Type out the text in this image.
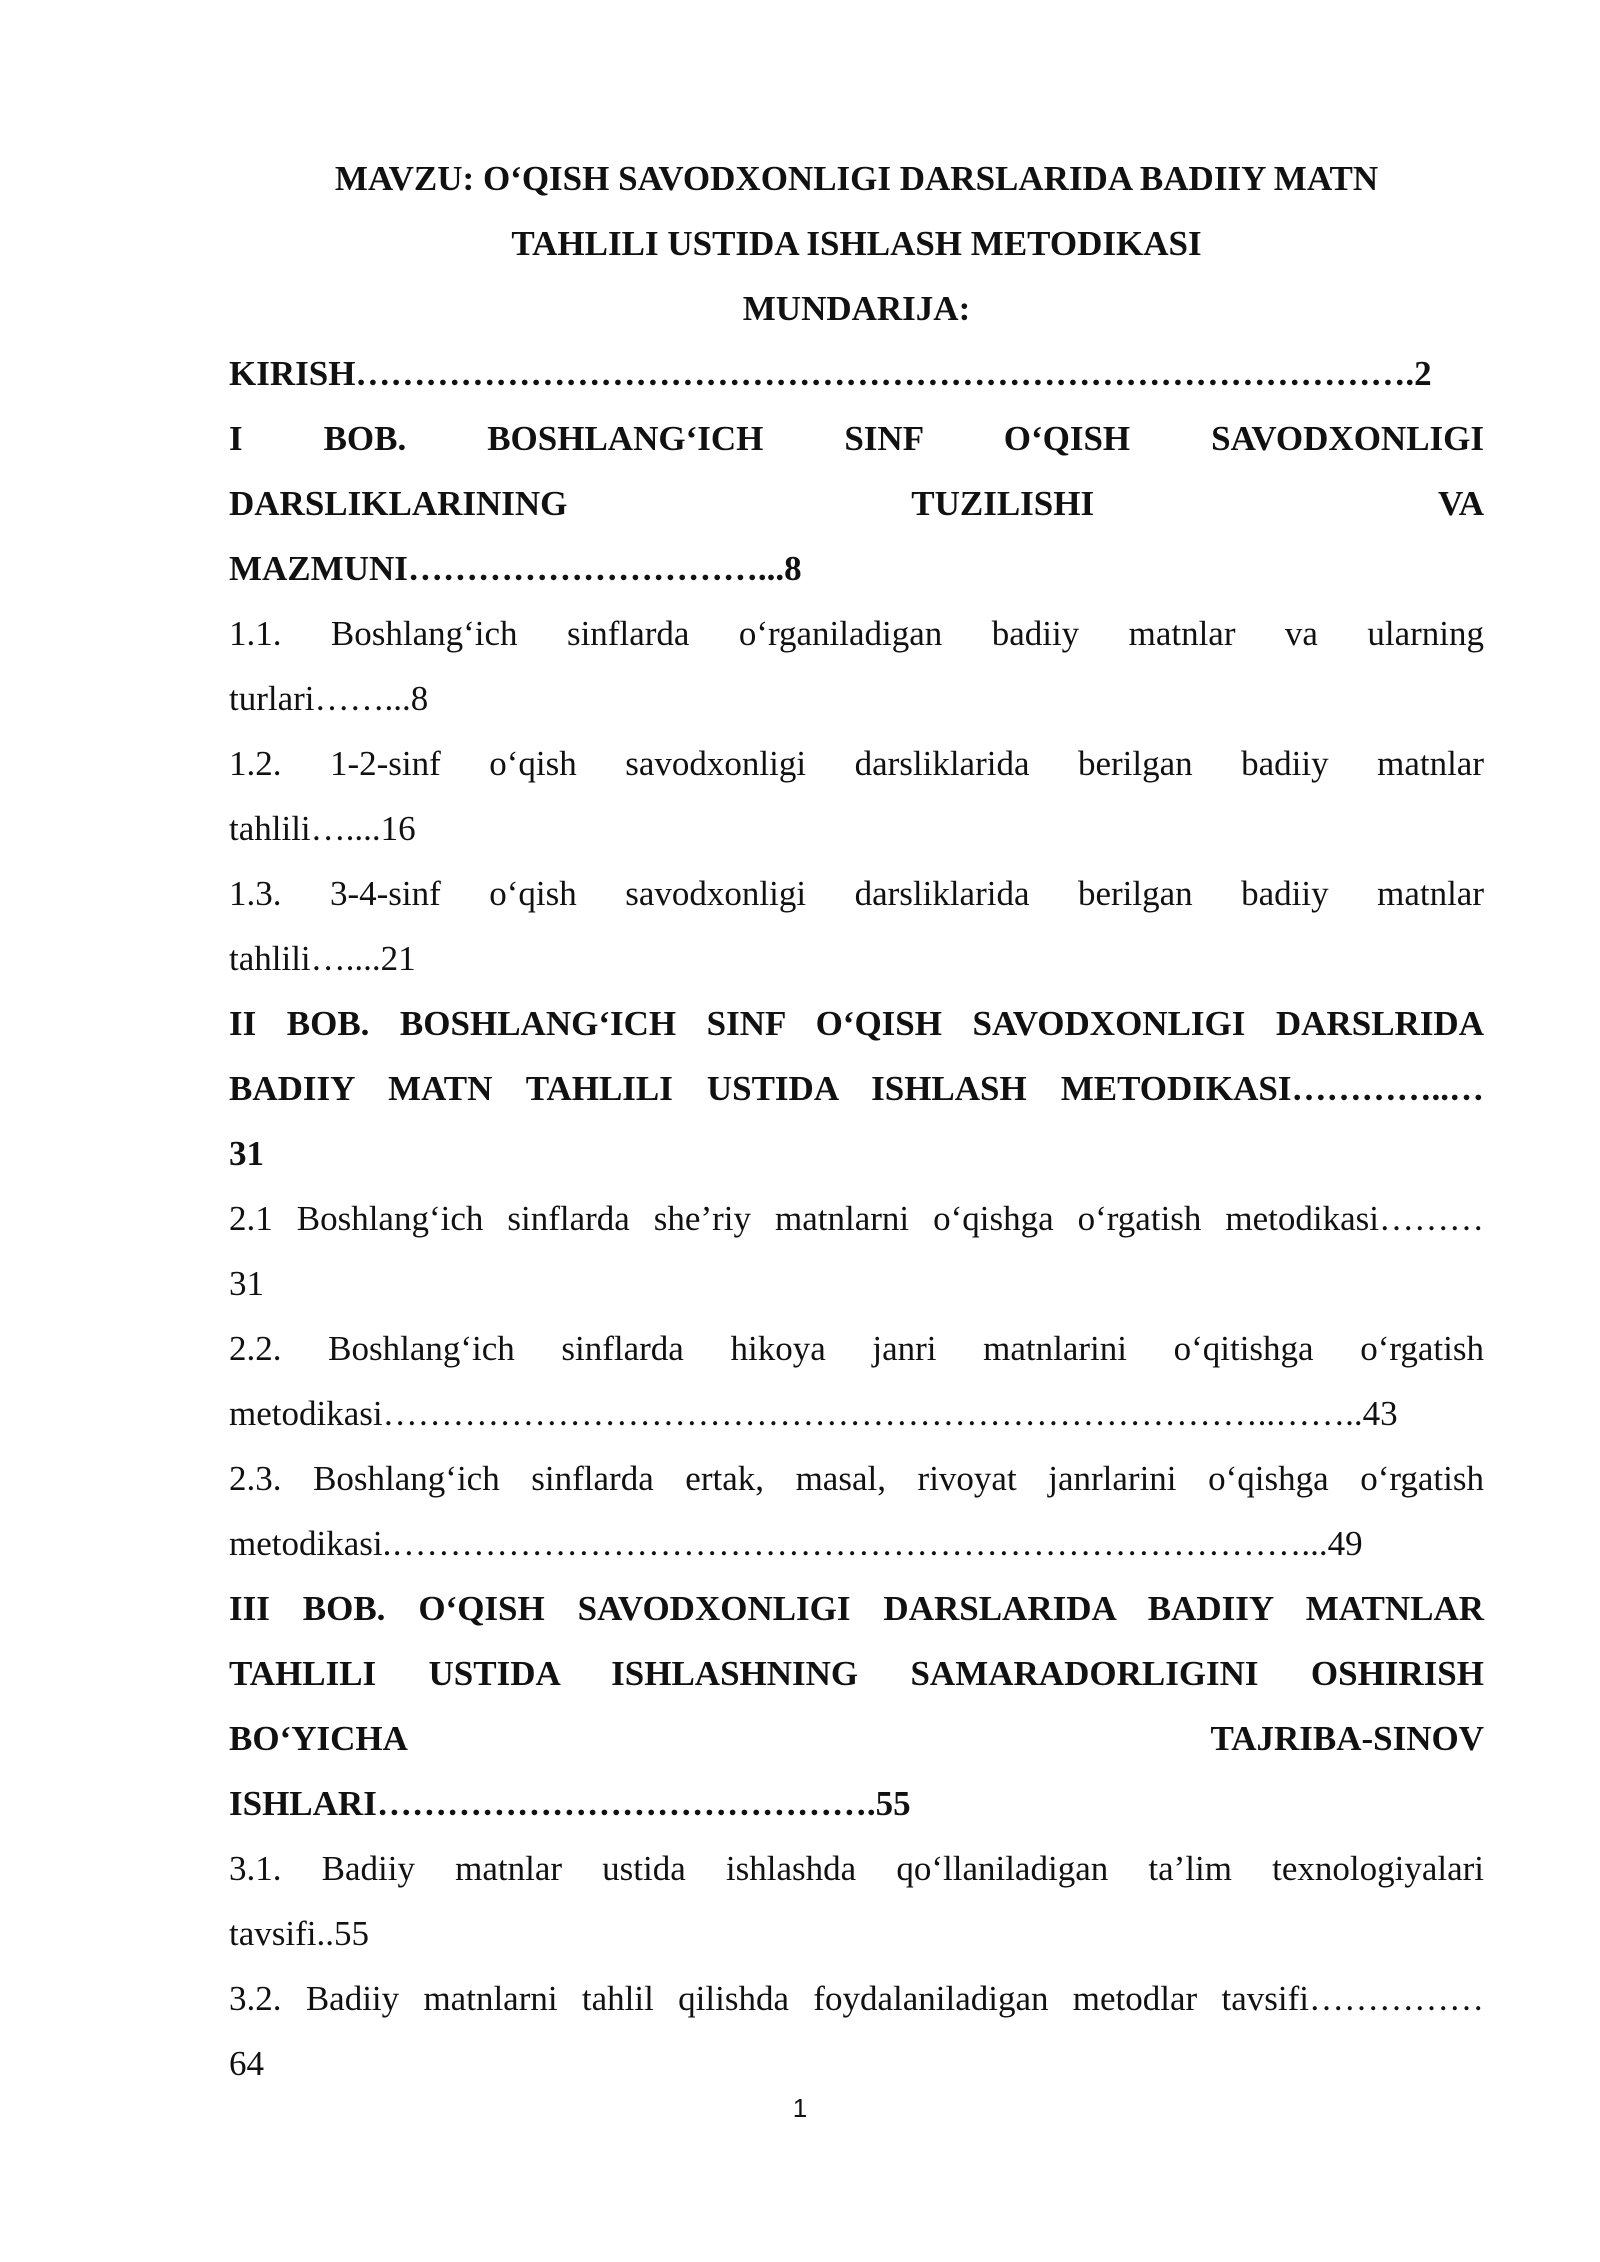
MAVZU: O‘QISH SAVODXONLIGI DARSLARIDA BADIIY MATN
TAHLILI USTIDA ISHLASH METODIKASI
MUNDARIJA:
KIRISH……………………………………………………………………………….2
I BOB. BOSHLANG‘ICH SINF O‘QISH SAVODXONLIGI
DARSLIKLARINING TUZILISHI VA
MAZMUNI…………………………...8
1.1. Boshlang‘ich sinflarda o‘rganiladigan badiiy matnlar va ularning
turlari……...8
1.2. 1-2-sinf o‘qish savodxonligi darsliklarida berilgan badiiy matnlar
tahlili…....16
1.3. 3-4-sinf o‘qish savodxonligi darsliklarida berilgan badiiy matnlar
tahlili…....21
II BOB. BOSHLANG‘ICH SINF O‘QISH SAVODXONLIGI DARSLRIDA
BADIIY MATN TAHLILI USTIDA ISHLASH METODIKASI…………..…
31
2.1 Boshlang‘ich sinflarda she’riy matnlarni o‘qishga o‘rgatish metodikasi………
31
2.2. Boshlang‘ich sinflarda hikoya janri matnlarini o‘qitishga o‘rgatish
metodikasi…………………………………………………………………..……..43
2.3. Boshlang‘ich sinflarda ertak, masal, rivoyat janrlarini o‘qishga o‘rgatish
metodikasi.……………………………………………………………………...49
III BOB. O‘QISH SAVODXONLIGI DARSLARIDA BADIIY MATNLAR
TAHLILI USTIDA ISHLASHNING SAMARADORLIGINI OSHIRISH
BO‘YICHA TAJRIBA-SINOV
ISHLARI…………………………………….55
3.1. Badiiy matnlar ustida ishlashda qo‘llaniladigan ta’lim texnologiyalari
tavsifi..55
3.2. Badiiy matnlarni tahlil qilishda foydalaniladigan metodlar tavsifi……………
64
1
